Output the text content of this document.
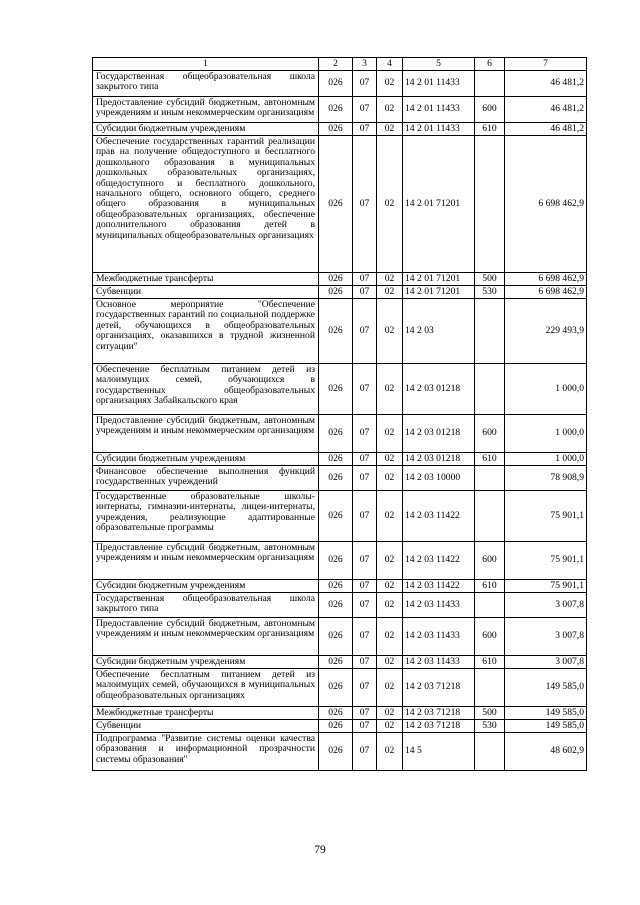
1	2	3	4	5	6	7
Государственная общеобразовательная школа закрытого типа	026	07	02	14 2 01 11433		46 481,2
Предоставление субсидий бюджетным, автономным учреждениям и иным некоммерческим организациям	026	07	02	14 2 01 11433	600	46 481,2
Субсидии бюджетным учреждениям	026	07	02	14 2 01 11433	610	46 481,2
Обеспечение государственных гарантий реализации прав на получение общедоступного и бесплатного дошкольного образования в муниципальных дошкольных образовательных организациях, общедоступного и бесплатного дошкольного, начального общего, основного общего, среднего общего образования в муниципальных общеобразовательных организациях, обеспечение дополнительного образования детей в муниципальных общеобразовательных организациях	026	07	02	14 2 01 71201		6 698 462,9
Межбюджетные трансферты	026	07	02	14 2 01 71201	500	6 698 462,9
Субвенции	026	07	02	14 2 01 71201	530	6 698 462,9
Основное мероприятие "Обеспечение государственных гарантий по социальной поддержке детей, обучающихся в общеобразовательных организациях, оказавшихся в трудной жизненной ситуации"	026	07	02	14 2 03		229 493,9
Обеспечение бесплатным питанием детей из малоимущих семей, обучающихся в государственных общеобразовательных организациях Забайкальского края	026	07	02	14 2 03 01218		1 000,0
Предоставление субсидий бюджетным, автономным учреждениям и иным некоммерческим организациям	026	07	02	14 2 03 01218	600	1 000,0
Субсидии бюджетным учреждениям	026	07	02	14 2 03 01218	610	1 000,0
Финансовое обеспечение выполнения функций государственных учреждений	026	07	02	14 2 03 10000		78 908,9
Государственные образовательные школы-интернаты, гимназии-интернаты, лицеи-интернаты, учреждения, реализующие адаптированные образовательные программы	026	07	02	14 2 03 11422		75 901,1
Предоставление субсидий бюджетным, автономным учреждениям и иным некоммерческим организациям	026	07	02	14 2 03 11422	600	75 901,1
Субсидии бюджетным учреждениям	026	07	02	14 2 03 11422	610	75 901,1
Государственная общеобразовательная школа закрытого типа	026	07	02	14 2 03 11433		3 007,8
Предоставление субсидий бюджетным, автономным учреждениям и иным некоммерческим организациям	026	07	02	14 2 03 11433	600	3 007,8
Субсидии бюджетным учреждениям	026	07	02	14 2 03 11433	610	3 007,8
Обеспечение бесплатным питанием детей из малоимущих семей, обучающихся в муниципальных общеобразовательных организациях	026	07	02	14 2 03 71218		149 585,0
Межбюджетные трансферты	026	07	02	14 2 03 71218	500	149 585,0
Субвенции	026	07	02	14 2 03 71218	530	149 585,0
Подпрограмма "Развитие системы оценки качества образования и информационной прозрачности системы образования"	026	07	02	14 5		48 602,9
79
